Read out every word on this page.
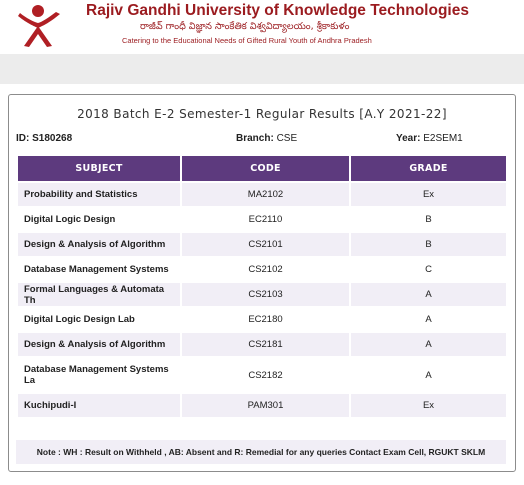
Rajiv Gandhi University of Knowledge Technologies
రాజీవ్ గాంధీ విజ్ఞాన సాంకేతిక విశ్వవిద్యాలయం, శ్రీకాకుళం
Catering to the Educational Needs of Gifted Rural Youth of Andhra Pradesh
2018 Batch E-2 Semester-1 Regular Results [A.Y 2021-22]
ID: S180268	Branch: CSE	Year: E2SEM1
SUBJECT	CODE	GRADE
Probability and Statistics	MA2102	Ex
Digital Logic Design	EC2110	B
Design & Analysis of Algorithm	CS2101	B
Database Management Systems	CS2102	C
Formal Languages & Automata Th	CS2103	A
Digital Logic Design Lab	EC2180	A
Design & Analysis of Algorithm	CS2181	A
Database Management Systems La	CS2182	A
Kuchipudi-I	PAM301	Ex
Note : WH : Result on Withheld , AB: Absent and R: Remedial for any queries Contact Exam Cell, RGUKT SKLM
